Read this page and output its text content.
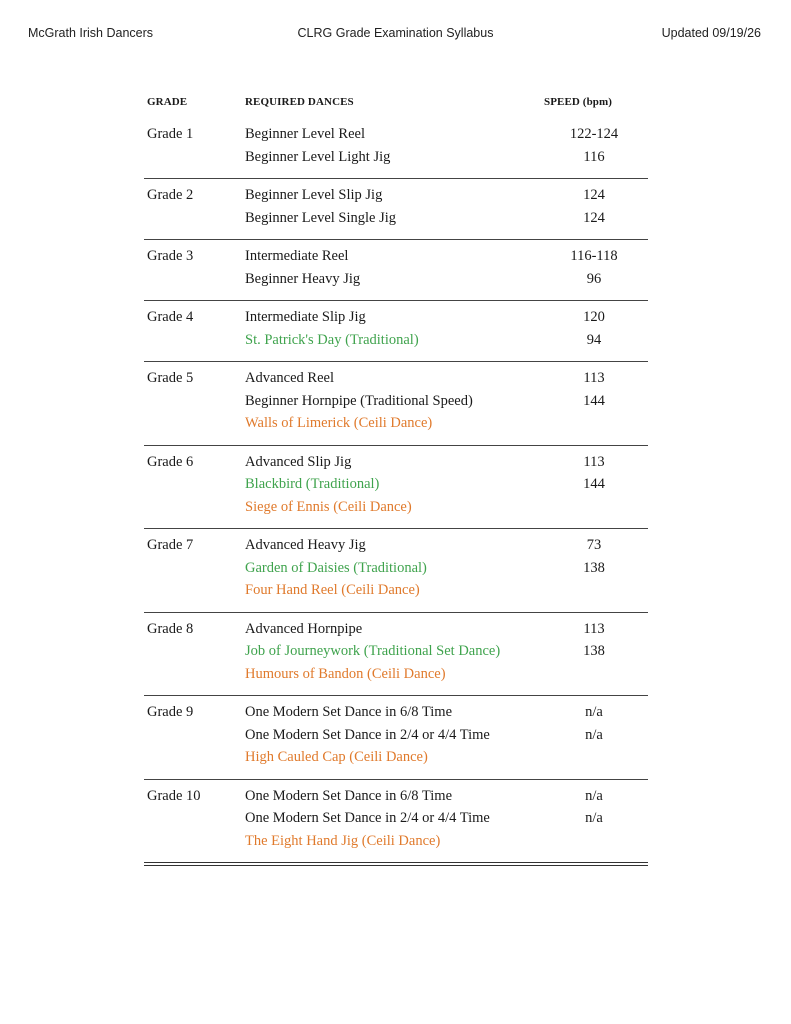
McGrath Irish Dancers	CLRG Grade Examination Syllabus	Updated 09/19/26
GRADE	REQUIRED DANCES	SPEED (bpm)
Grade 1	Beginner Level Reel	122-124
Beginner Level Light Jig	116
Grade 2	Beginner Level Slip Jig	124
Beginner Level Single Jig	124
Grade 3	Intermediate Reel	116-118
Beginner Heavy Jig	96
Grade 4	Intermediate Slip Jig	120
St. Patrick's Day (Traditional)	94
Grade 5	Advanced Reel	113
Beginner Hornpipe (Traditional Speed)	144
Walls of Limerick (Ceili Dance)
Grade 6	Advanced Slip Jig	113
Blackbird (Traditional)	144
Siege of Ennis (Ceili Dance)
Grade 7	Advanced Heavy Jig	73
Garden of Daisies (Traditional)	138
Four Hand Reel (Ceili Dance)
Grade 8	Advanced Hornpipe	113
Job of Journeywork (Traditional Set Dance)	138
Humours of Bandon (Ceili Dance)
Grade 9	One Modern Set Dance in 6/8 Time	n/a
One Modern Set Dance in 2/4 or 4/4 Time	n/a
High Cauled Cap (Ceili Dance)
Grade 10	One Modern Set Dance in 6/8 Time	n/a
One Modern Set Dance in 2/4 or 4/4 Time	n/a
The Eight Hand Jig (Ceili Dance)
